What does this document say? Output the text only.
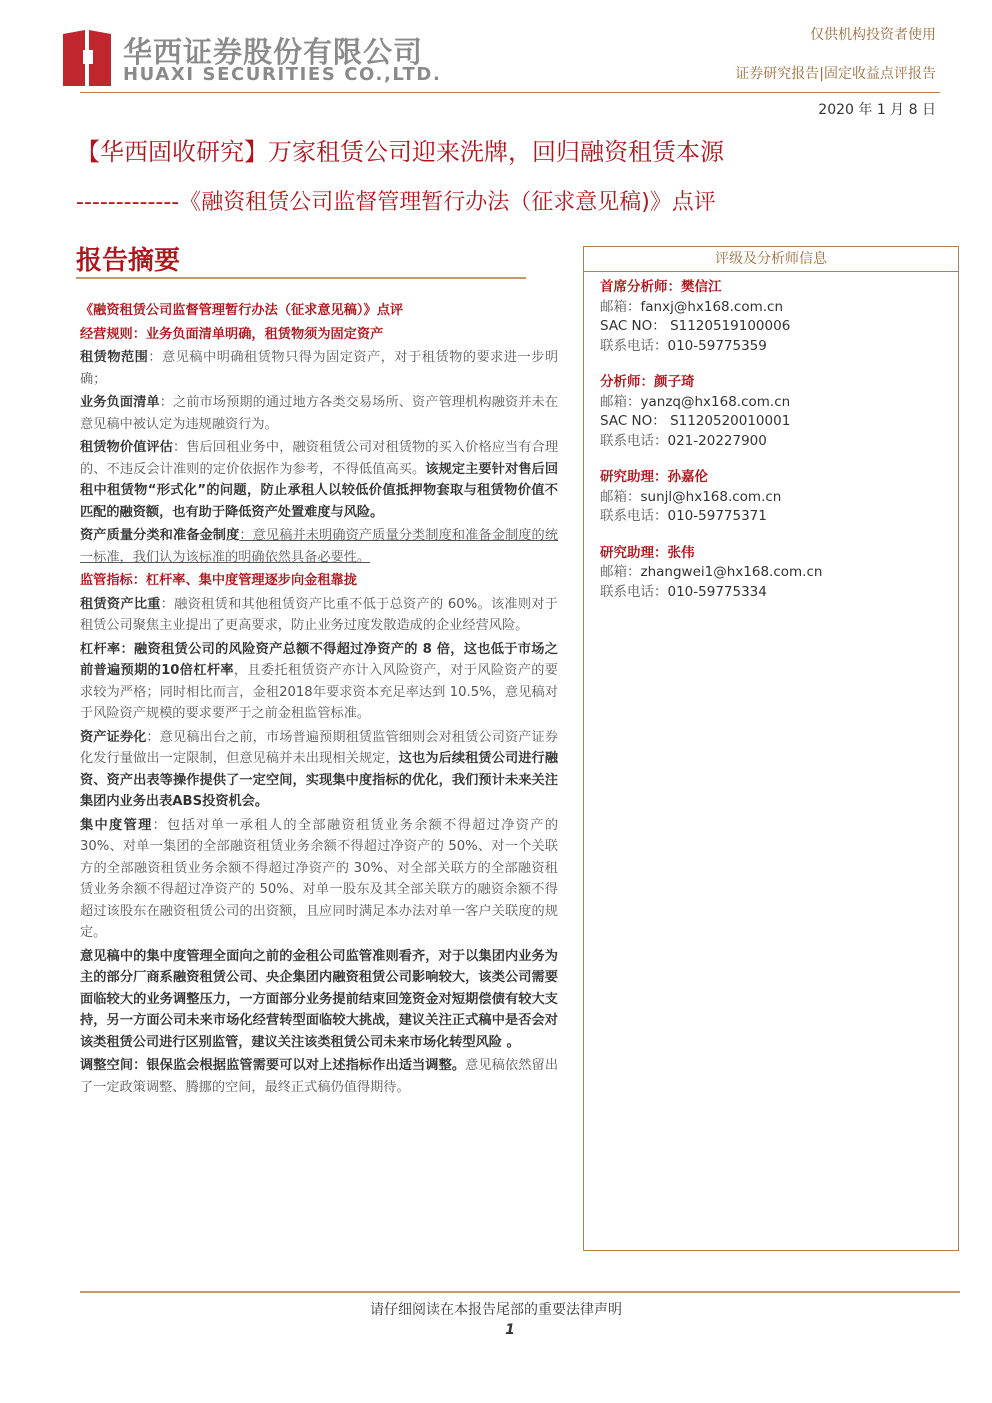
华西证券股份有限公司
HUAXI SECURITIES CO.,LTD.
仅供机构投资者使用
证券研究报告|固定收益点评报告
2020 年 1 月 8 日
【华西固收研究】万家租赁公司迎来洗牌，回归融资租赁本源
-------------《融资租赁公司监督管理暂行办法（征求意见稿)》点评
报告摘要

《融资租赁公司监督管理暂行办法（征求意见稿）》点评

经营规则：业务负面清单明确，租赁物须为固定资产

租赁物范围：意见稿中明确租赁物只得为固定资产，对于租赁物的要求进一步明确；

业务负面清单：之前市场预期的通过地方各类交易场所、资产管理机构融资并未在意见稿中被认定为违规融资行为。

租赁物价值评估：售后回租业务中，融资租赁公司对租赁物的买入价格应当有合理的、不违反会计准则的定价依据作为参考，不得低值高买。该规定主要针对售后回租中租赁物“形式化”的问题，防止承租人以较低价值抵押物套取与租赁物价值不匹配的融资额，也有助于降低资产处置难度与风险。

资产质量分类和准备金制度：意见稿并未明确资产质量分类制度和准备金制度的统一标准，我们认为该标准的明确依然具备必要性。

监管指标：杠杆率、集中度管理逐步向金租靠拢

租赁资产比重：融资租赁和其他租赁资产比重不低于总资产的 60%。该准则对于租赁公司聚焦主业提出了更高要求，防止业务过度发散造成的企业经营风险。

杠杆率：融资租赁公司的风险资产总额不得超过净资产的 8 倍，这也低于市场之前普遍预期的10倍杠杆率，且委托租赁资产亦计入风险资产，对于风险资产的要求较为严格；同时相比而言，金租2018年要求资本充足率达到 10.5%，意见稿对于风险资产规模的要求要严于之前金租监管标准。

资产证券化：意见稿出台之前，市场普遍预期租赁监管细则会对租赁公司资产证券化发行量做出一定限制，但意见稿并未出现相关规定，这也为后续租赁公司进行融资、资产出表等操作提供了一定空间，实现集中度指标的优化，我们预计未来关注集团内业务出表ABS投资机会。

集中度管理：包括对单一承租人的全部融资租赁业务余额不得超过净资产的 30%、对单一集团的全部融资租赁业务余额不得超过净资产的 50%、对一个关联方的全部融资租赁业务余额不得超过净资产的 30%、对全部关联方的全部融资租赁业务余额不得超过净资产的 50%、对单一股东及其全部关联方的融资余额不得超过该股东在融资租赁公司的出资额，且应同时满足本办法对单一客户关联度的规定。

意见稿中的集中度管理全面向之前的金租公司监管准则看齐，对于以集团内业务为主的部分厂商系融资租赁公司、央企集团内融资租赁公司影响较大，该类公司需要面临较大的业务调整压力，一方面部分业务提前结束回笼资金对短期偿债有较大支持，另一方面公司未来市场化经营转型面临较大挑战，建议关注正式稿中是否会对该类租赁公司进行区别监管，建议关注该类租赁公司未来市场化转型风险 。

调整空间：银保监会根据监管需要可以对上述指标作出适当调整。意见稿依然留出了一定政策调整、腾挪的空间，最终正式稿仍值得期待。

评级及分析师信息
首席分析师：樊信江
邮箱：fanxj@hx168.com.cn
SAC NO： S1120519100006
联系电话：010-59775359
分析师：颜子琦
邮箱：yanzq@hx168.com.cn
SAC NO： S1120520010001
联系电话：021-20227900
研究助理：孙嘉伦
邮箱：sunjl@hx168.com.cn
联系电话：010-59775371
研究助理：张伟
邮箱：zhangwei1@hx168.com.cn
联系电话：010-59775334
请仔细阅读在本报告尾部的重要法律声明
1
